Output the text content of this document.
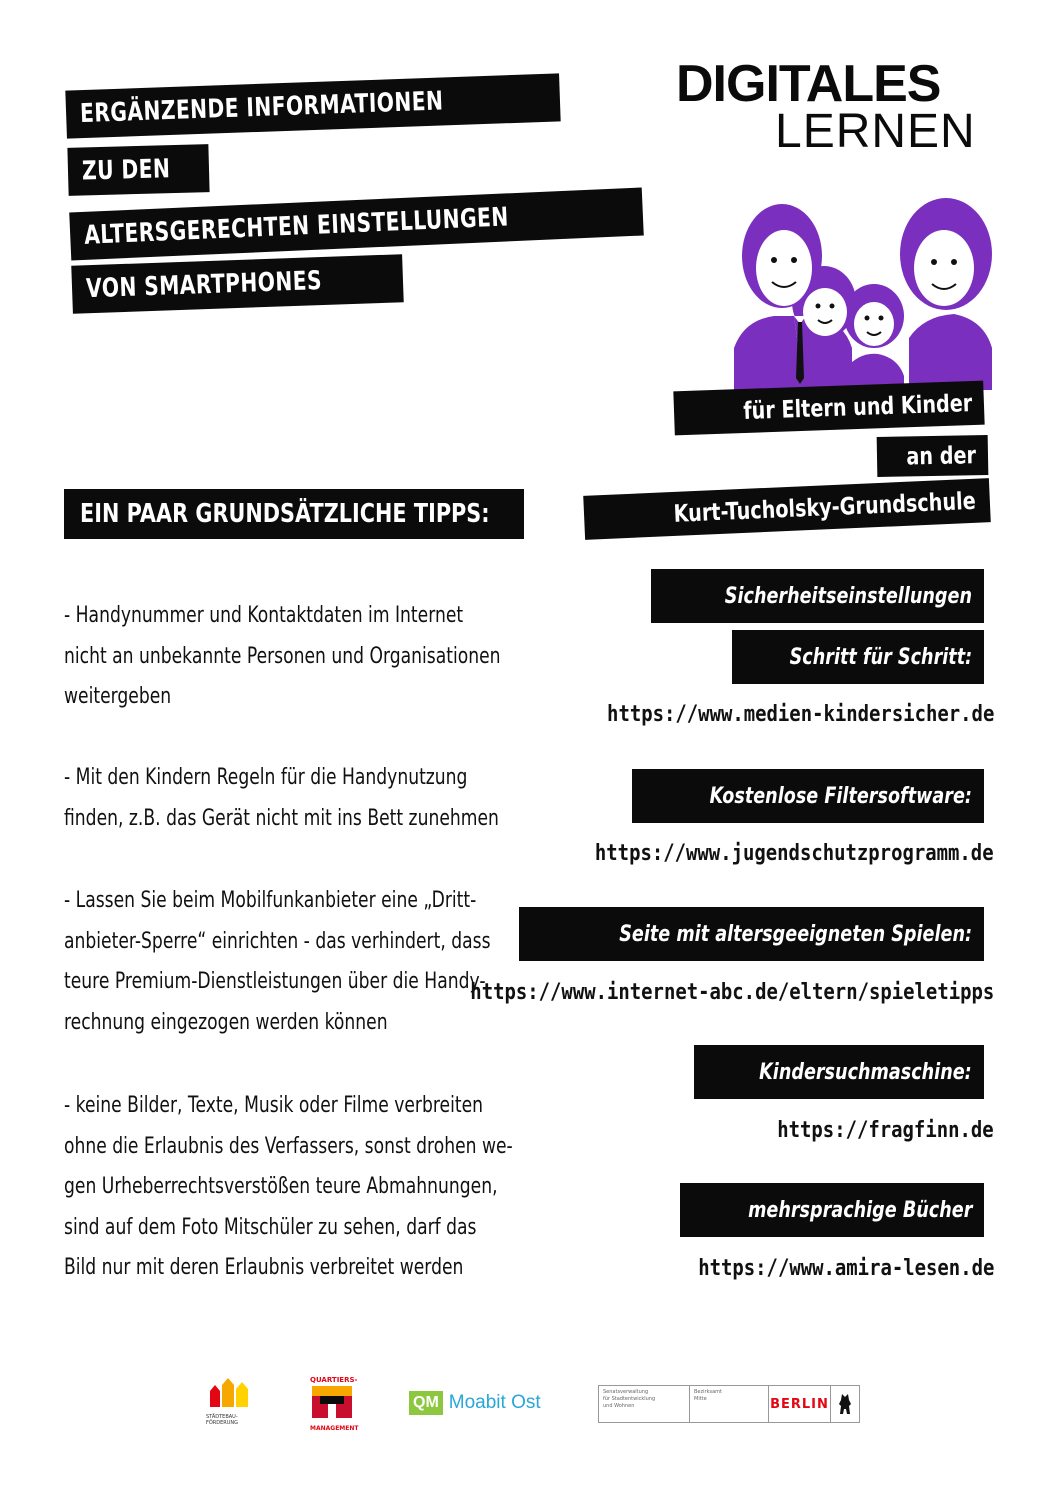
ERGÄNZENDE INFORMATIONEN
ZU DEN
ALTERSGERECHTEN EINSTELLUNGEN
VON SMARTPHONES
DIGITALES
LERNEN
für Eltern und Kinder
an der
Kurt-Tucholsky-Grundschule
EIN PAAR GRUNDSÄTZLICHE TIPPS:
- Handynummer und Kontaktdaten im Internet
nicht an unbekannte Personen und Organisationen
weitergeben
- Mit den Kindern Regeln für die Handynutzung
finden, z.B. das Gerät nicht mit ins Bett zunehmen
- Lassen Sie beim Mobilfunkanbieter eine „Dritt-
anbieter-Sperre“ einrichten - das verhindert, dass
teure Premium-Dienstleistungen über die Handy-
rechnung eingezogen werden können
- keine Bilder, Texte, Musik oder Filme verbreiten
ohne die Erlaubnis des Verfassers, sonst drohen we-
gen Urheberrechtsverstößen teure Abmahnungen,
sind auf dem Foto Mitschüler zu sehen, darf das
Bild nur mit deren Erlaubnis verbreitet werden
Sicherheitseinstellungen
Schritt für Schritt:
https://www.medien-kindersicher.de
Kostenlose Filtersoftware:
https://www.jugendschutzprogramm.de
Seite mit altersgeeigneten Spielen:
https://www.internet-abc.de/eltern/spieletipps
Kindersuchmaschine:
https://fragfinn.de
mehrsprachige Bücher
https://www.amira-lesen.de
STÄDTEBAU-
FÖRDERUNG
QUARTIERS-
MANAGEMENT
QM Moabit Ost	Senatsverwaltung
für Stadtentwicklung
und Wohnen
Bezirksamt
Mitte	BERLIN
